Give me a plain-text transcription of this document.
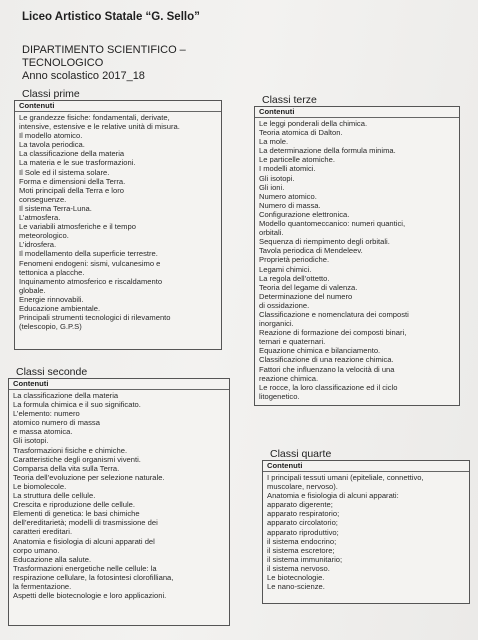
Liceo Artistico Statale “G. Sello”
DIPARTIMENTO SCIENTIFICO – TECNOLOGICO
Anno scolastico 2017_18
Classi prime
Contenuti
Le grandezze fisiche: fondamentali, derivate,
intensive, estensive e le relative unità di misura.
Il modello atomico.
La tavola periodica.
La classificazione della materia
La materia e le sue trasformazioni.
Il Sole ed il sistema solare.
Forma e dimensioni della Terra.
Moti principali della Terra e loro
conseguenze.
Il sistema Terra-Luna.
L’atmosfera.
Le variabili atmosferiche e il tempo
meteorologico.
L’idrosfera.
Il modellamento della superficie terrestre.
Fenomeni endogeni: sismi, vulcanesimo e
tettonica a placche.
Inquinamento atmosferico e riscaldamento
globale.
Energie rinnovabili.
Educazione ambientale.
Principali strumenti tecnologici di rilevamento
(telescopio, G.P.S)
Classi terze
Contenuti
Le leggi ponderali della chimica.
Teoria atomica di Dalton.
La mole.
La determinazione della formula minima.
Le particelle atomiche.
I modelli atomici.
Gli isotopi.
Gli ioni.
Numero atomico.
Numero di massa.
Configurazione elettronica.
Modello quantomeccanico: numeri quantici,
orbitali.
Sequenza di riempimento degli orbitali.
Tavola periodica di Mendeleev.
Proprietà periodiche.
Legami chimici.
La regola dell’ottetto.
Teoria del legame di valenza.
Determinazione del numero
di ossidazione.
Classificazione e nomenclatura dei composti
inorganici.
Reazione di formazione dei composti binari,
ternari e quaternari.
Equazione chimica e bilanciamento.
Classificazione di una reazione chimica.
Fattori che influenzano la velocità di una
reazione chimica.
Le rocce, la loro classificazione ed il ciclo
litogenetico.
Classi seconde
Contenuti
La classificazione della materia
La formula chimica e il suo significato.
L’elemento: numero
atomico numero di massa
e massa atomica.
Gli isotopi.
Trasformazioni fisiche e chimiche.
Caratteristiche degli organismi viventi.
Comparsa della vita sulla Terra.
Teoria dell’evoluzione per selezione naturale.
Le biomolecole.
La struttura delle cellule.
Crescita e riproduzione delle cellule.
Elementi di genetica: le basi chimiche
dell’ereditarietà; modelli di trasmissione dei
caratteri ereditari.
Anatomia e fisiologia di alcuni apparati del
corpo umano.
Educazione alla salute.
Trasformazioni energetiche nelle cellule: la
respirazione cellulare, la fotosintesi clorofilliana,
la fermentazione.
Aspetti delle biotecnologie e loro applicazioni.
Classi quarte
Contenuti
I principali tessuti umani (epiteliale, connettivo,
muscolare, nervoso).
Anatomia e fisiologia di alcuni apparati:
apparato digerente;
apparato respiratorio;
apparato circolatorio;
apparato riproduttivo;
il sistema endocrino;
il sistema escretore;
il sistema immunitario;
il sistema nervoso.
Le biotecnologie.
Le nano-scienze.
